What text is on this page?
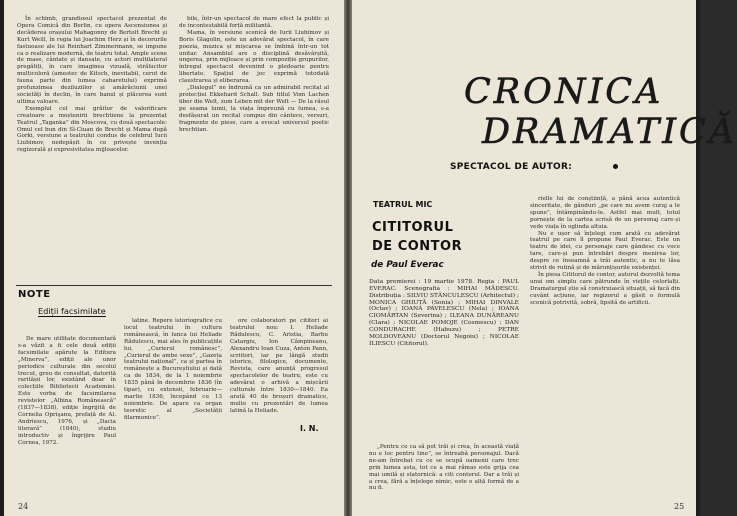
În schimb, grandiosul spectacol prezentat de Opera Comică din Berlin, cu opera Ascensiunea și decăderea orașului Mahagonny de Bertolt Brecht și Kurt Weill, în regia lui Joachim Herz și în decorurile fastuoase ale lui Reinhart Zimmermann, se impune ca o realizare modernă, de teatru total. Ample scene de mase, cântate și dansate, cu actori multilateral pregătiți, în care imaginea vizuală, strălucitor multicoloră (amestec de Kitsch, inevitabil, cerut de fauna parte din lumea cabaretului) exprimă profunzimea deziluziilor și amărăciunii unei societăți în declin, în care banul și plăcerea sunt ultima valoare.

Exemplul cel mai grăitor de valorificare creatoare a moștenirii brechtiene la prezentat Teatrul „Taganka” din Moscova, cu două spectacole: Omul cel bun din Sî-Ciuan de Brecht și Mama după Gorki, versiune a teatrului condus de celebrul Iurii Liubimov, nedepășit în ce privește invenția regizorală și expresivitatea mijloacelor.

bile, într-un spectacol de mare efect la public și de incontestabilă forță militantă.

Mama, în versiune scenică de Iurii Liubimov și Boris Glagolin, este un adevărat spectacol, în care poezia, muzica și mișcarea se îmbină într-un tot unitar. Ansamblul are o disciplină desăvârșită, ungerea, prin mijloace și prin compoziție grupurilor, întregul spectacol devenind o pledoarie pentru libertate. Spațiul de joc exprimă totodată claustrarea și eliberarea.

„Dialogul” ne îndrumă ca un admirabil recital al protecției Ekkehard Schall. Sub titlul Vom Lachen über die Welt, zum Leben mit der Welt — De la râsul pe seama lumii, la viața împreună cu lumea, s-a desfășurat un recital compus din cântece, versuri, fragmente de piese, care a evocat universul poetic brechtian.

NOTE
Ediții facsimilate

De mare utilitate documentară s-a văzit a fi cele două ediții facsimilate apărute la Editura „Minerva”, ediții ale unor periodice culturale din secolul trecut, greu de consultat, datorită raritășii lor, existând doar în colecțiile Bibliotecii Academiei. Este vorba de facsimilarea revistelor „Albina Românească” (1837—1838), ediție îngrijită de Cornelia Oprişanu, prefață de Al. Andriescu, 1976, și „Dacia literară” (1840), studiu introductiv și îngrijire Paul Cornea, 1972.

latine. Repere istoriografice cu locul teatrului în cultura românească, în lunca lui Heliade Rădulescu, mai ales în publicațiile lui, „Curierul românesc”, „Curierul de ambe sexe”, „Gazeta teatrului național”, ca și partea în românește a Bucureștiului și dată ca de 1834, de la 1 noiembrie 1835 până în decembrie 1836 (în tipar), cu extensii, februarie—martie 1836, începând cu 13 noiembrie. De apare ca organ teoretic al „Societății filarmonice”.

ore colaboratori pe cititori ai teatrului nou: I. Heliade Rădulescu, C. Aristia, Barbu Catargiu, Ion Câmpineanu, Alexandru Ioan Cuza, Anton Pann, scriitori, iar pe lângă studii istorice, filologice, documente, Revista, care anunță progresul spectacolelor de teatru, este cu adevărat o arhivă a mișcării culturale între 1830—1840. Ea arată 40 de broșuri dramatice, multe cu prezentări de lumea latină la Heliade.

I. N.
24
CRONICA
DRAMATICĂ
SPECTACOL DE AUTOR:
TEATRUL MIC
CITITORUL
DE CONTOR
de Paul Everac
Data premierei : 19 martie 1978. Regia : PAUL EVERAC. Scenografia : MIHAI MĂDESCU. Distribuția : SILVIU STĂNCULESCU (Arhitectul) ; MONICA GHIUȚĂ (Sonia) ; MIHAI DINVALE (Octav) ; IOANA PAVELESCU (Nela) ; IOANA CIOMÂRTAN (Severina) ; ILEANA DUNĂREANU (Clara) ; NICOLAE POMOJE (Cosmescu) ; DAN CONDURACHE (Habuzu) ; PETRE MOLDOVEANU (Doctorul Negoiu) ; NICOLAE ILIESCU (Cititorul).

„Pentru ce ca să pot trăi și crea, în această viață nu e loc pentru tine”, se întreabă personajul. Dacă ne-am întrebat cu ce se ocupă oamenii care trec prin lumea asta, tot ce a mai rămas este grija cea mai umilă și statornică: a citi contorul. Dar a trăi și a crea, fără a înțelege nimic, este o altă formă de a nu fi.

rielle lui de conștiință, a până acea autentică sinceritate, de gânduri „pe care nu avem curaj a le spune”, întâmpinându-le. Astfel mai mult, totul pornește de la cartea scrisă de un personaj care-și vede viața în oglinda altuia.

Nu e ușor să înțelegi cum arată cu adevărat teatrul pe care îl propune Paul Everac. Este un teatru de idei, cu personaje care gândesc cu voce tare, care-și pun întrebări despre menirea lor, despre ce înseamnă a trăi autentic, a nu te lăsa strivit de rutină și de mărunțișurile existenței.

În piesa Cititorul de contor, autorul dezvoltă tema unui om simplu care pătrunde în viețile celorlalți. Dramaturgul știe să construiască situații, să facă din cuvânt acțiune, iar regizorul a găsit o formulă scenică potrivită, sobră, lipsită de artificii.

25
